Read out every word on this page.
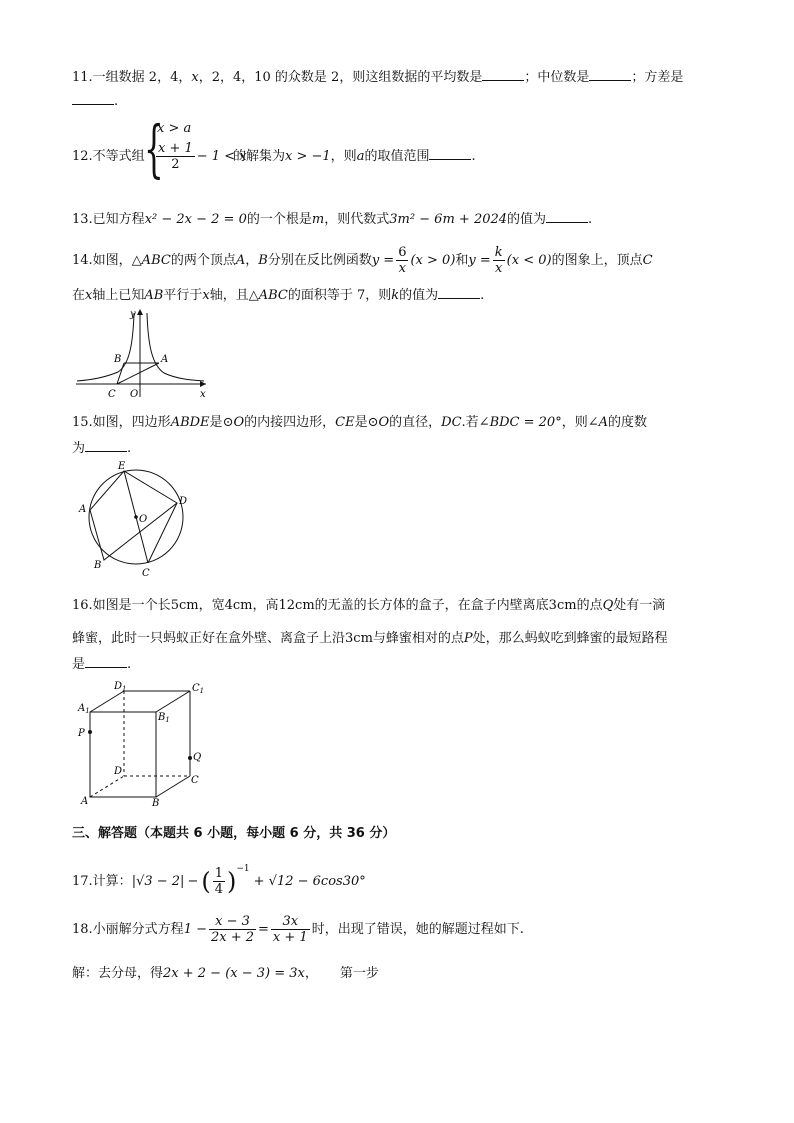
11.一组数据 2，4，x，2，4，10 的众数是 2，则这组数据的平均数是	；中位数是	；方差是
.
12.不等式组 {
x > a
$\frac{x + 1}{2} - 1 < x$
的解集为x > −1，则a的取值范围	.
13.已知方程x² − 2x − 2 = 0的一个根是m，则代数式3m² − 6m + 2024的值为	.
14.如图，△ABC的两个顶点A，B分别在反比例函数$y = \frac{6}{x} (x > 0)$和$y = \frac{k}{x} (x < 0)$的图象上，顶点C
在x轴上已知AB平行于x轴，且△ABC的面积等于 7，则k的值为	.
y
x
B	A
C O
15.如图，四边形ABDE是⊙O的内接四边形，CE是⊙O的直径，DC.若∠BDC = 20°，则∠A的度数
为	.
E
D
A
O
B
C
16.如图是一个长5cm，宽4cm，高12cm的无盖的长方体的盒子，在盒子内壁离底3cm的点Q处有一滴
蜂蜜，此时一只蚂蚁正好在盒外壁、离盒子上沿3cm与蜂蜜相对的点P处，那么蚂蚁吃到蜂蜜的最短路程
是	.
$D_1$	$C_1$
$A_1$
$B_1$
P
Q
D
C
A	B
三、解答题（本题共 6 小题，每小题 6 分，共 36 分）
17.计算：|√3 − 2| − ( $\frac{1}{4} )^{-1}+ √12 - 6\cos 30^\circ$
18.小丽解分式方程$1 - \frac{x - 3}{2x + 2} = \frac{3x}{x + 1}$ 时，出现了错误，她的解题过程如下.
解：去分母，得2x + 2 − (x − 3) = 3x， 第一步
